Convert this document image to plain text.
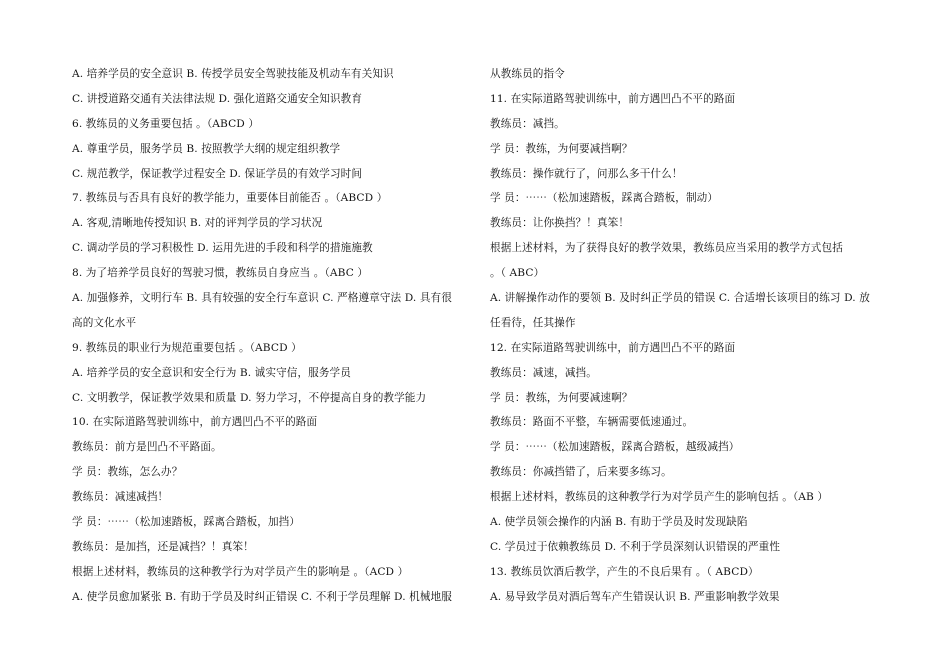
A. 培养学员的安全意识 B. 传授学员安全驾驶技能及机动车有关知识
C. 讲授道路交通有关法律法规 D. 强化道路交通安全知识教育
6. 教练员的义务重要包括 。（ABCD ）
A. 尊重学员，服务学员 B. 按照教学大纲的规定组织教学
C. 规范教学，保证教学过程安全 D. 保证学员的有效学习时间
7. 教练员与否具有良好的教学能力，重要体目前能否 。（ABCD ）
A. 客观,清晰地传授知识 B. 对的评判学员的学习状况
C. 调动学员的学习积极性 D. 运用先进的手段和科学的措施施教
8. 为了培养学员良好的驾驶习惯，教练员自身应当 。（ABC ）
A. 加强修养，文明行车 B. 具有较强的安全行车意识 C. 严格遵章守法 D. 具有很
高的文化水平
9. 教练员的职业行为规范重要包括 。（ABCD ）
A. 培养学员的安全意识和安全行为 B. 诚实守信，服务学员
C. 文明教学，保证教学效果和质量 D. 努力学习，不停提高自身的教学能力
10. 在实际道路驾驶训练中，前方遇凹凸不平的路面
教练员：前方是凹凸不平路面。
学 员：教练，怎么办？
教练员：减速减挡！
学 员：⋯⋯（松加速踏板，踩离合踏板，加挡）
教练员：是加挡，还是减挡？！真笨！
根据上述材料，教练员的这种教学行为对学员产生的影响是 。（ACD ）
A. 使学员愈加紧张 B. 有助于学员及时纠正错误 C. 不利于学员理解 D. 机械地服
从教练员的指令
11. 在实际道路驾驶训练中，前方遇凹凸不平的路面
教练员：减挡。
学 员：教练，为何要减挡啊？
教练员：操作就行了，问那么多干什么！
学 员：⋯⋯（松加速踏板，踩离合踏板，制动）
教练员：让你换挡？！真笨！
根据上述材料，为了获得良好的教学效果，教练员应当采用的教学方式包括
。（ ABC）
A. 讲解操作动作的要领 B. 及时纠正学员的错误 C. 合适增长该项目的练习 D. 放
任看待，任其操作
12. 在实际道路驾驶训练中，前方遇凹凸不平的路面
教练员：减速，减挡。
学 员：教练，为何要减速啊？
教练员：路面不平整，车辆需要低速通过。
学 员：⋯⋯（松加速踏板，踩离合踏板，越级减挡）
教练员：你减挡错了，后来要多练习。
根据上述材料，教练员的这种教学行为对学员产生的影响包括 。（AB ）
A. 使学员领会操作的内涵 B. 有助于学员及时发现缺陷
C. 学员过于依赖教练员 D. 不利于学员深刻认识错误的严重性
13. 教练员饮酒后教学，产生的不良后果有 。（ ABCD）
A. 易导致学员对酒后驾车产生错误认识 B. 严重影响教学效果
